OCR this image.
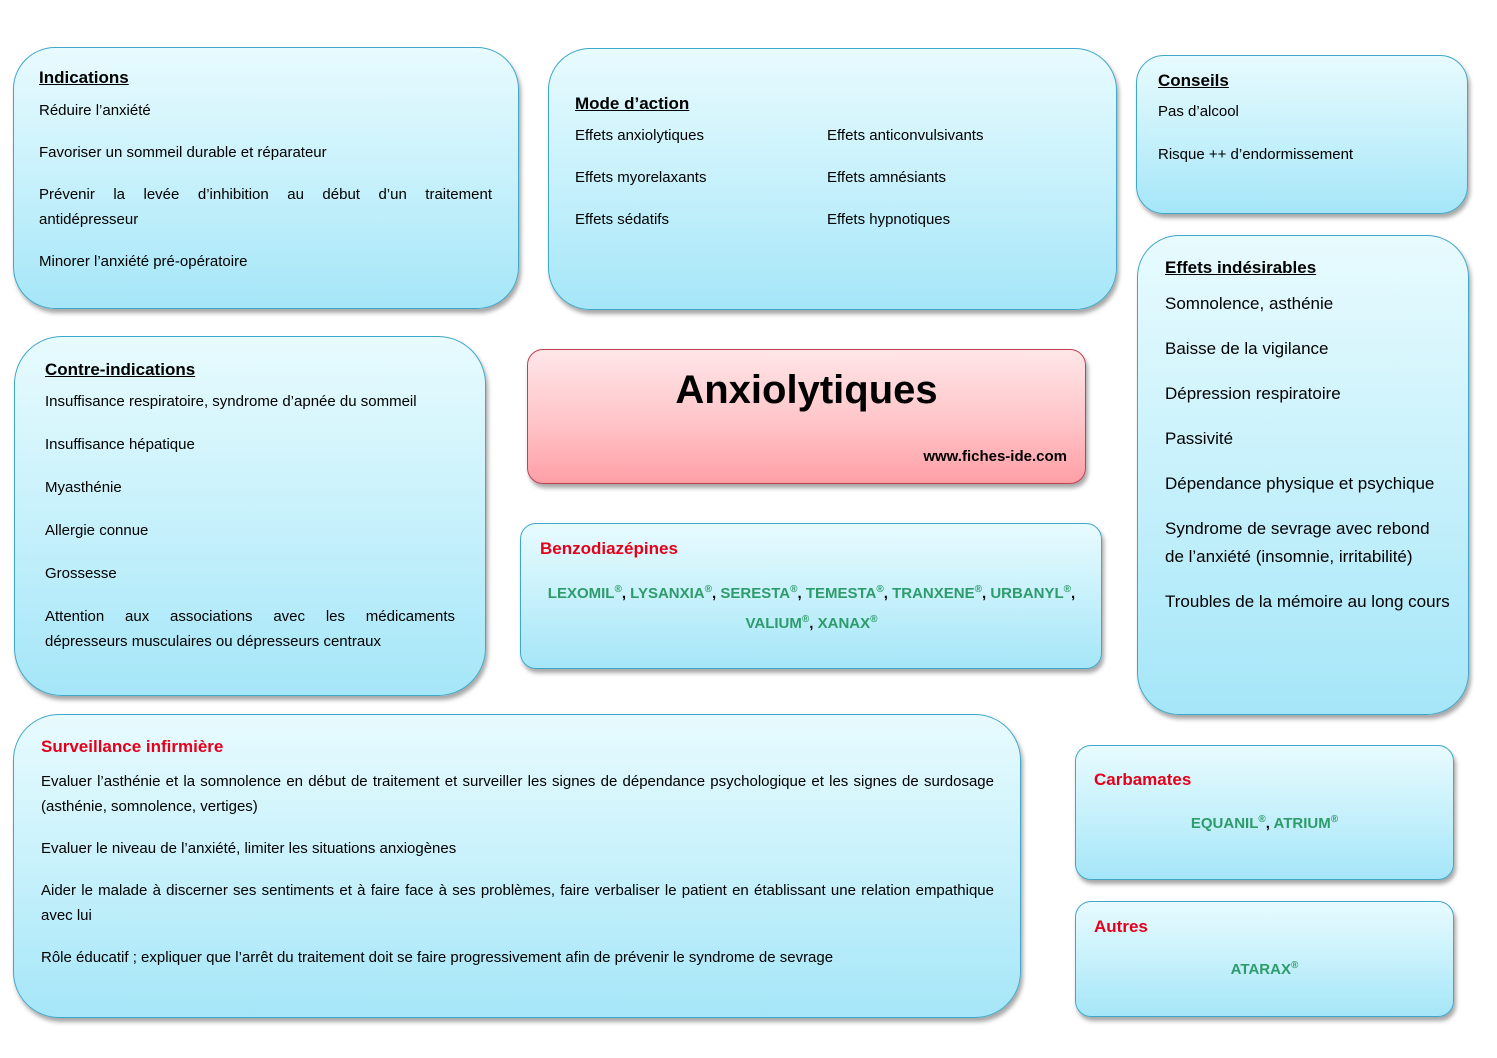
Indications
Réduire l’anxiété
Favoriser un sommeil durable et réparateur
Prévenir la levée d’inhibition au début d’un traitement antidépresseur
Minorer l’anxiété pré-opératoire
Mode d’action
Effets anxiolytiques	Effets anticonvulsivants
Effets myorelaxants	Effets amnésiants
Effets sédatifs	Effets hypnotiques
Conseils
Pas d’alcool
Risque ++ d’endormissement
Effets indésirables
Somnolence, asthénie
Baisse de la vigilance
Dépression respiratoire
Passivité
Dépendance physique et psychique
Syndrome de sevrage avec rebond de l’anxiété (insomnie, irritabilité)
Troubles de la mémoire au long cours
Contre-indications
Insuffisance respiratoire, syndrome d’apnée du sommeil
Insuffisance hépatique
Myasthénie
Allergie connue
Grossesse
Attention aux associations avec les médicaments dépresseurs musculaires ou dépresseurs centraux
Anxiolytiques
www.fiches-ide.com
Benzodiazépines
LEXOMIL®, LYSANXIA®, SERESTA®, TEMESTA®, TRANXENE®, URBANYL®,
VALIUM®, XANAX®
Surveillance infirmière
Evaluer l’asthénie et la somnolence en début de traitement et surveiller les signes de dépendance psychologique et les signes de surdosage (asthénie, somnolence, vertiges)
Evaluer le niveau de l’anxiété, limiter les situations anxiogènes
Aider le malade à discerner ses sentiments et à faire face à ses problèmes, faire verbaliser le patient en établissant une relation empathique avec lui
Rôle éducatif ; expliquer que l’arrêt du traitement doit se faire progressivement afin de prévenir le syndrome de sevrage
Carbamates
EQUANIL®, ATRIUM®
Autres
ATARAX®
